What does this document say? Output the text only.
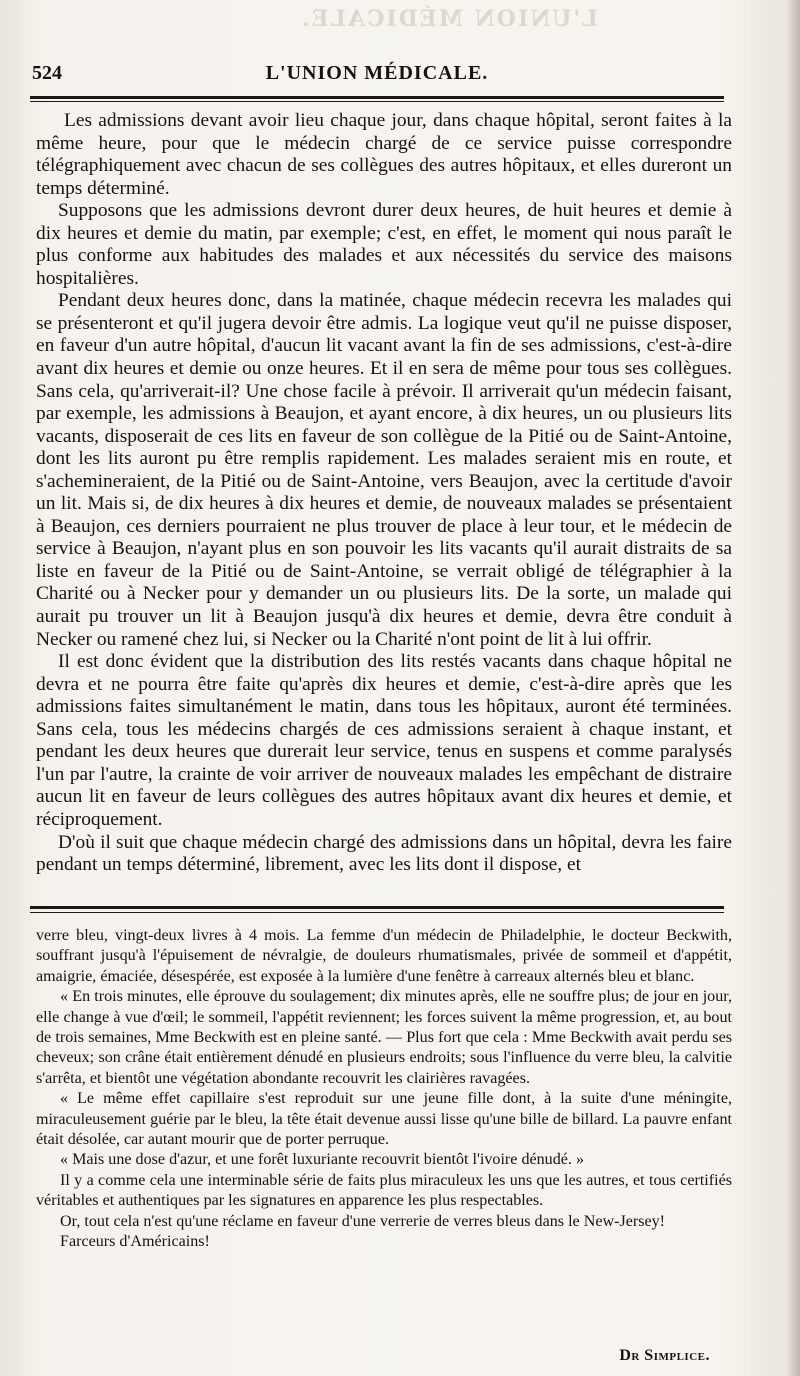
L'UNION MÉDICALE.
524	L'UNION MÉDICALE.

Les admissions devant avoir lieu chaque jour, dans chaque hôpital, seront faites à la même heure, pour que le médecin chargé de ce service puisse correspondre télégraphiquement avec chacun de ses collègues des autres hôpitaux, et elles dureront un temps déterminé.

Supposons que les admissions devront durer deux heures, de huit heures et demie à dix heures et demie du matin, par exemple; c'est, en effet, le moment qui nous paraît le plus conforme aux habitudes des malades et aux nécessités du service des maisons hospitalières.

Pendant deux heures donc, dans la matinée, chaque médecin recevra les malades qui se présenteront et qu'il jugera devoir être admis. La logique veut qu'il ne puisse disposer, en faveur d'un autre hôpital, d'aucun lit vacant avant la fin de ses admissions, c'est-à-dire avant dix heures et demie ou onze heures. Et il en sera de même pour tous ses collègues. Sans cela, qu'arriverait-il? Une chose facile à prévoir. Il arriverait qu'un médecin faisant, par exemple, les admissions à Beaujon, et ayant encore, à dix heures, un ou plusieurs lits vacants, disposerait de ces lits en faveur de son collègue de la Pitié ou de Saint-Antoine, dont les lits auront pu être remplis rapidement. Les malades seraient mis en route, et s'achemineraient, de la Pitié ou de Saint-Antoine, vers Beaujon, avec la certitude d'avoir un lit. Mais si, de dix heures à dix heures et demie, de nouveaux malades se présentaient à Beaujon, ces derniers pourraient ne plus trouver de place à leur tour, et le médecin de service à Beaujon, n'ayant plus en son pouvoir les lits vacants qu'il aurait distraits de sa liste en faveur de la Pitié ou de Saint-Antoine, se verrait obligé de télégraphier à la Charité ou à Necker pour y demander un ou plusieurs lits. De la sorte, un malade qui aurait pu trouver un lit à Beaujon jusqu'à dix heures et demie, devra être conduit à Necker ou ramené chez lui, si Necker ou la Charité n'ont point de lit à lui offrir.

Il est donc évident que la distribution des lits restés vacants dans chaque hôpital ne devra et ne pourra être faite qu'après dix heures et demie, c'est-à-dire après que les admissions faites simultanément le matin, dans tous les hôpitaux, auront été terminées. Sans cela, tous les médecins chargés de ces admissions seraient à chaque instant, et pendant les deux heures que durerait leur service, tenus en suspens et comme paralysés l'un par l'autre, la crainte de voir arriver de nouveaux malades les empêchant de distraire aucun lit en faveur de leurs collègues des autres hôpitaux avant dix heures et demie, et réciproquement.

D'où il suit que chaque médecin chargé des admissions dans un hôpital, devra les faire pendant un temps déterminé, librement, avec les lits dont il dispose, et

verre bleu, vingt-deux livres à 4 mois. La femme d'un médecin de Philadelphie, le docteur Beckwith, souffrant jusqu'à l'épuisement de névralgie, de douleurs rhumatismales, privée de sommeil et d'appétit, amaigrie, émaciée, désespérée, est exposée à la lumière d'une fenêtre à carreaux alternés bleu et blanc.

« En trois minutes, elle éprouve du soulagement; dix minutes après, elle ne souffre plus; de jour en jour, elle change à vue d'œil; le sommeil, l'appétit reviennent; les forces suivent la même progression, et, au bout de trois semaines, Mme Beckwith est en pleine santé. — Plus fort que cela : Mme Beckwith avait perdu ses cheveux; son crâne était entièrement dénudé en plusieurs endroits; sous l'influence du verre bleu, la calvitie s'arrêta, et bientôt une végétation abondante recouvrit les clairières ravagées.

« Le même effet capillaire s'est reproduit sur une jeune fille dont, à la suite d'une méningite, miraculeusement guérie par le bleu, la tête était devenue aussi lisse qu'une bille de billard. La pauvre enfant était désolée, car autant mourir que de porter perruque.

« Mais une dose d'azur, et une forêt luxuriante recouvrit bientôt l'ivoire dénudé. »

Il y a comme cela une interminable série de faits plus miraculeux les uns que les autres, et tous certifiés véritables et authentiques par les signatures en apparence les plus respectables.

Or, tout cela n'est qu'une réclame en faveur d'une verrerie de verres bleus dans le New-Jersey!

Farceurs d'Américains!

Dr Simplice.
